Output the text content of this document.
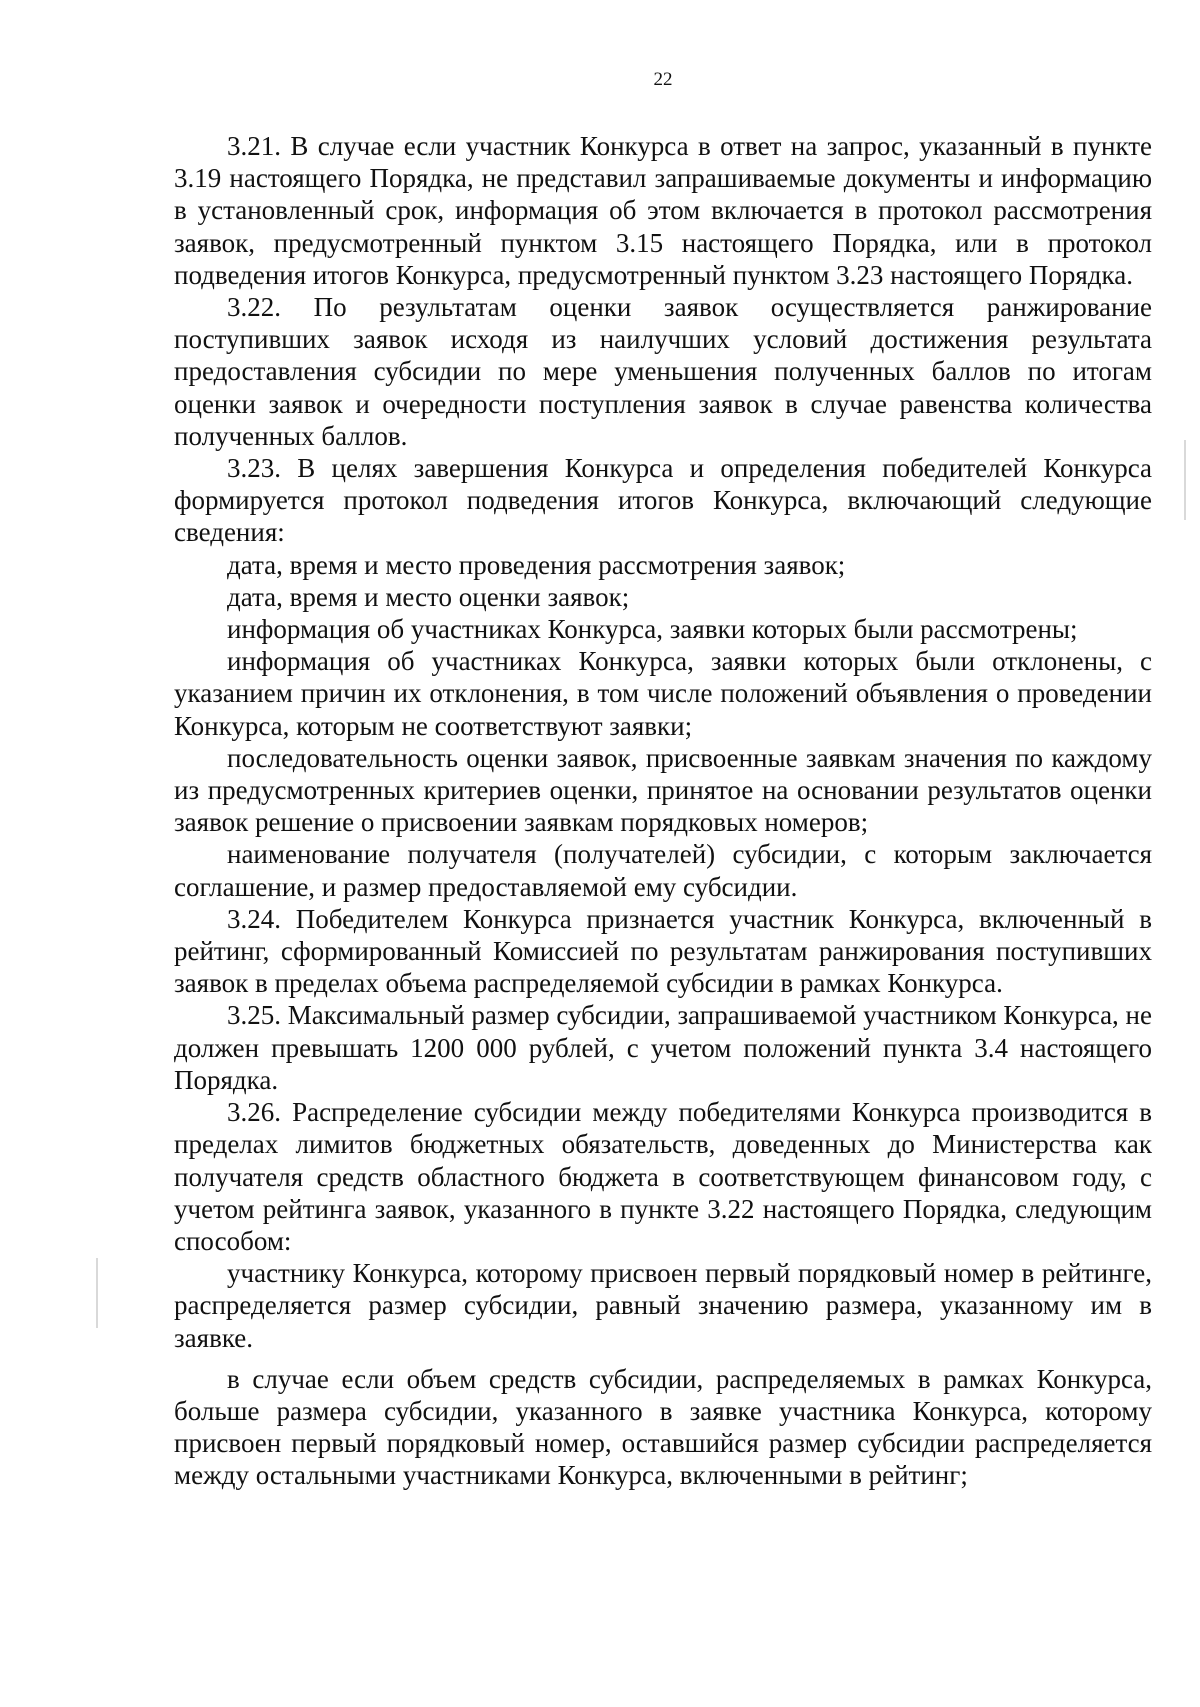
22

3.21. В случае если участник Конкурса в ответ на запрос, указанный в пункте 3.19 настоящего Порядка, не представил запрашиваемые документы и информацию в установленный срок, информация об этом включается в протокол рассмотрения заявок, предусмотренный пунктом 3.15 настоящего Порядка, или в протокол подведения итогов Конкурса, предусмотренный пунктом 3.23 настоящего Порядка.

3.22. По результатам оценки заявок осуществляется ранжирование поступивших заявок исходя из наилучших условий достижения результата предоставления субсидии по мере уменьшения полученных баллов по итогам оценки заявок и очередности поступления заявок в случае равенства количества полученных баллов.

3.23. В целях завершения Конкурса и определения победителей Конкурса формируется протокол подведения итогов Конкурса, включающий следующие сведения:

дата, время и место проведения рассмотрения заявок;

дата, время и место оценки заявок;

информация об участниках Конкурса, заявки которых были рассмотрены;

информация об участниках Конкурса, заявки которых были отклонены, с указанием причин их отклонения, в том числе положений объявления о проведении Конкурса, которым не соответствуют заявки;

последовательность оценки заявок, присвоенные заявкам значения по каждому из предусмотренных критериев оценки, принятое на основании результатов оценки заявок решение о присвоении заявкам порядковых номеров;

наименование получателя (получателей) субсидии, с которым заключается соглашение, и размер предоставляемой ему субсидии.

3.24. Победителем Конкурса признается участник Конкурса, включенный в рейтинг, сформированный Комиссией по результатам ранжирования поступивших заявок в пределах объема распределяемой субсидии в рамках Конкурса.

3.25. Максимальный размер субсидии, запрашиваемой участником Конкурса, не должен превышать 1200 000 рублей, с учетом положений пункта 3.4 настоящего Порядка.

3.26. Распределение субсидии между победителями Конкурса производится в пределах лимитов бюджетных обязательств, доведенных до Министерства как получателя средств областного бюджета в соответствующем финансовом году, с учетом рейтинга заявок, указанного в пункте 3.22 настоящего Порядка, следующим способом:

участнику Конкурса, которому присвоен первый порядковый номер в рейтинге, распределяется размер субсидии, равный значению размера, указанному им в заявке.

в случае если объем средств субсидии, распределяемых в рамках Конкурса, больше размера субсидии, указанного в заявке участника Конкурса, которому присвоен первый порядковый номер, оставшийся размер субсидии распределяется между остальными участниками Конкурса, включенными в рейтинг;
